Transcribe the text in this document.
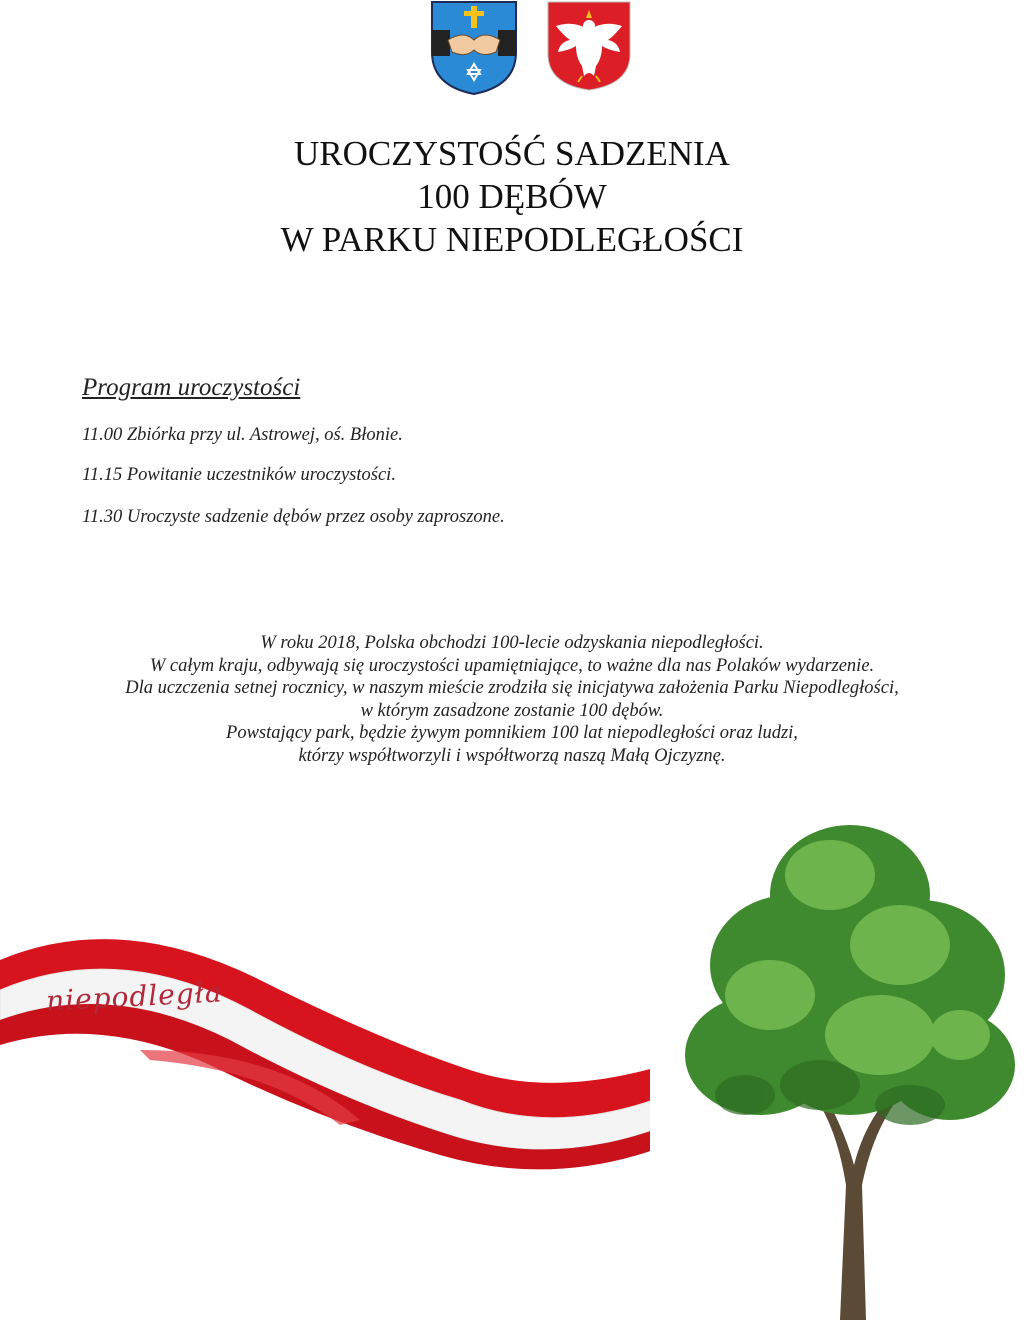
UROCZYSTOŚĆ SADZENIA
100 DĘBÓW
W PARKU NIEPODLEGŁOŚCI
Program uroczystości
11.00 Zbiórka przy ul. Astrowej, oś. Błonie.
11.15 Powitanie uczestników uroczystości.
11.30 Uroczyste sadzenie dębów przez osoby zaproszone.
W roku 2018, Polska obchodzi 100-lecie odzyskania niepodległości.
W całym kraju, odbywają się uroczystości upamiętniające, to ważne dla nas Polaków wydarzenie.
Dla uczczenia setnej rocznicy, w naszym mieście zrodziła się inicjatywa założenia Parku Niepodległości,
w którym zasadzone zostanie 100 dębów.
Powstający park, będzie żywym pomnikiem 100 lat niepodległości oraz ludzi,
którzy współtworzyli i współtworzą naszą Małą Ojczyznę.
niepodległa
